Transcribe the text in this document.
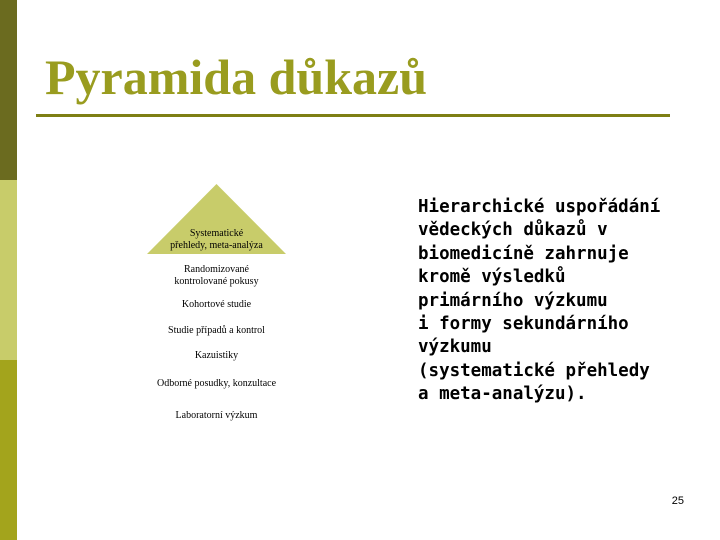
Pyramida důkazů
Systematické
přehledy, meta-analýza
Randomizované
kontrolované pokusy
Kohortové studie
Studie případů a kontrol
Kazuistiky
Odborné posudky, konzultace
Laboratorní výzkum
Hierarchické uspořádání
vědeckých důkazů v
biomedicíně zahrnuje
kromě výsledků
primárního výzkumu
i formy sekundárního
výzkumu
(systematické přehledy
a meta-analýzu).
25
